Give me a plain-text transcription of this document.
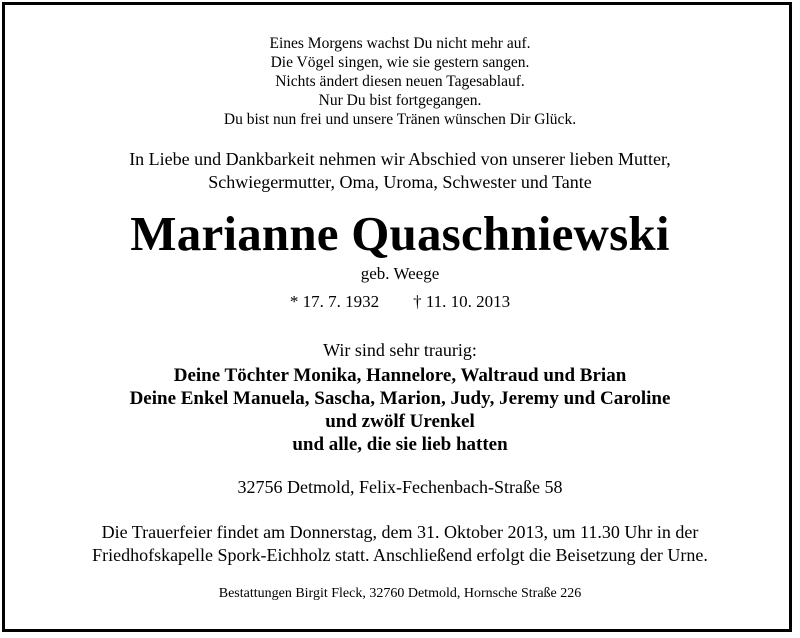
Eines Morgens wachst Du nicht mehr auf.
Die Vögel singen, wie sie gestern sangen.
Nichts ändert diesen neuen Tagesablauf.
Nur Du bist fortgegangen.
Du bist nun frei und unsere Tränen wünschen Dir Glück.
In Liebe und Dankbarkeit nehmen wir Abschied von unserer lieben Mutter,
Schwiegermutter, Oma, Uroma, Schwester und Tante
Marianne Quaschniewski
geb. Weege
* 17. 7. 1932 † 11. 10. 2013
Wir sind sehr traurig:
Deine Töchter Monika, Hannelore, Waltraud und Brian
Deine Enkel Manuela, Sascha, Marion, Judy, Jeremy und Caroline
und zwölf Urenkel
und alle, die sie lieb hatten
32756 Detmold, Felix-Fechenbach-Straße 58
Die Trauerfeier findet am Donnerstag, dem 31. Oktober 2013, um 11.30 Uhr in der
Friedhofskapelle Spork-Eichholz statt. Anschließend erfolgt die Beisetzung der Urne.
Bestattungen Birgit Fleck, 32760 Detmold, Hornsche Straße 226
